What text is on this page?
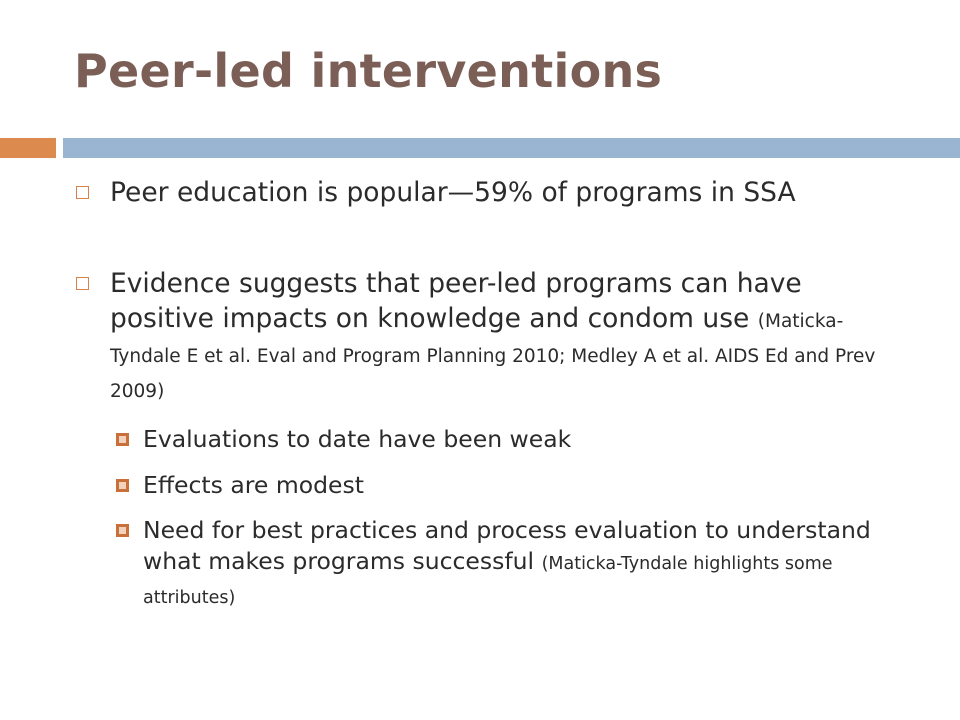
Peer-led interventions
Peer education is popular—59% of programs in SSA
Evidence suggests that peer-led programs can have positive impacts on knowledge and condom use (Maticka-Tyndale E et al. Eval and Program Planning 2010; Medley A et al. AIDS Ed and Prev 2009)
Evaluations to date have been weak
Effects are modest
Need for best practices and process evaluation to understand what makes programs successful (Maticka-Tyndale highlights some attributes)
